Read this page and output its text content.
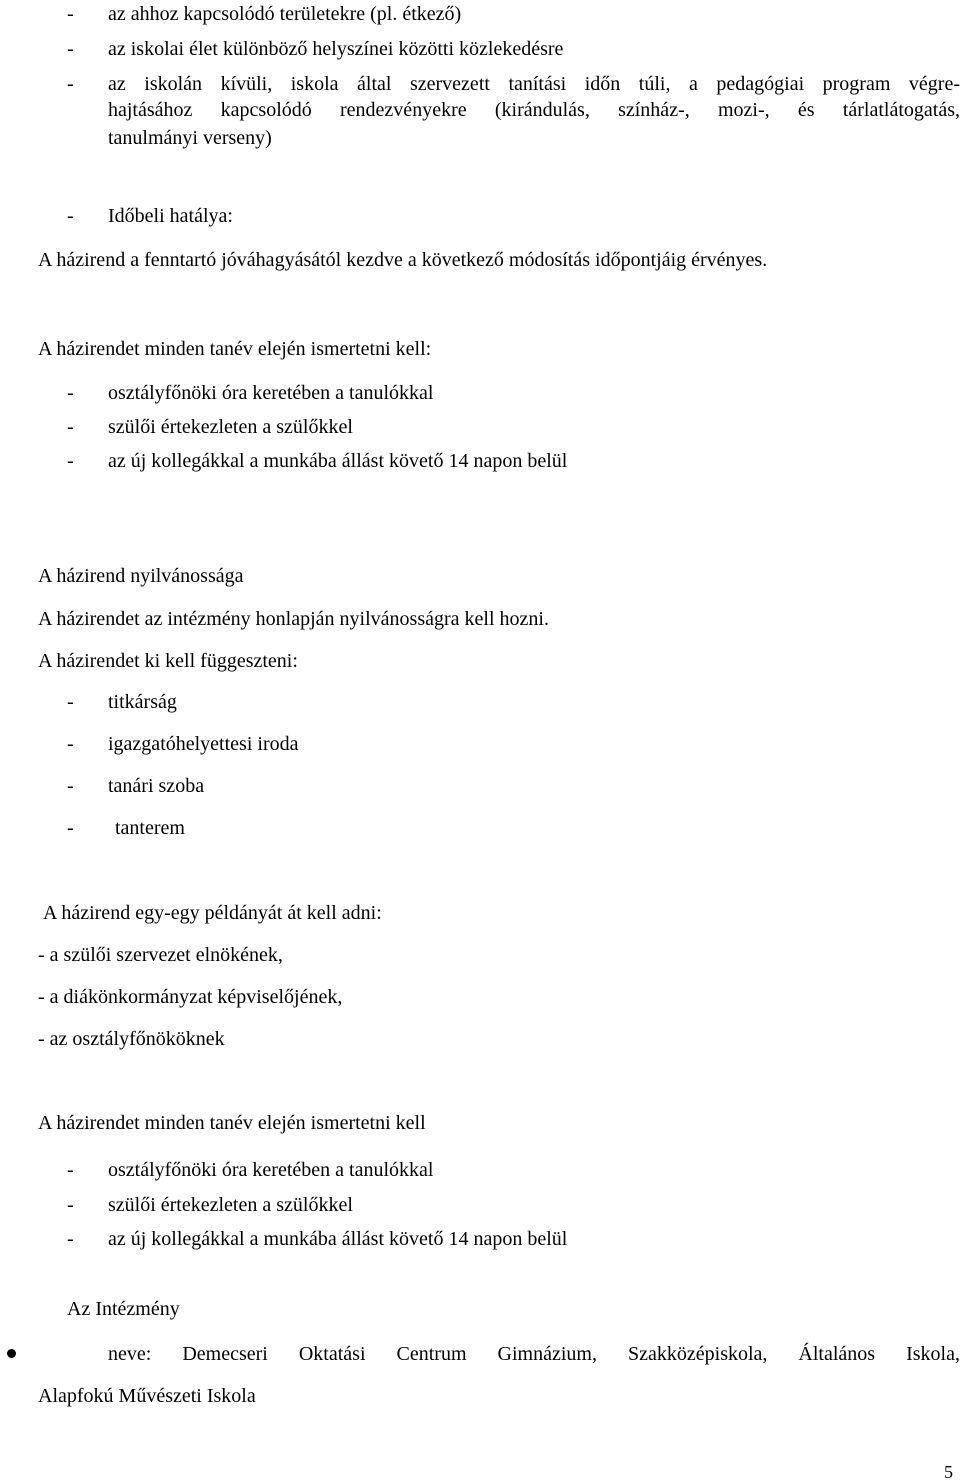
- az ahhoz kapcsolódó területekre (pl. étkező)
- az iskolai élet különböző helyszínei közötti közlekedésre
- az iskolán kívüli, iskola által szervezett tanítási időn túli, a pedagógiai program végre-
hajtásához kapcsolódó rendezvényekre (kirándulás, színház-, mozi-, és tárlatlátogatás,
tanulmányi verseny)
- Időbeli hatálya:
A házirend a fenntartó jóváhagyásától kezdve a következő módosítás időpontjáig érvényes.
A házirendet minden tanév elején ismertetni kell:
- osztályfőnöki óra keretében a tanulókkal
- szülői értekezleten a szülőkkel
- az új kollegákkal a munkába állást követő 14 napon belül
A házirend nyilvánossága
A házirendet az intézmény honlapján nyilvánosságra kell hozni.
A házirendet ki kell függeszteni:
- titkárság
- igazgatóhelyettesi iroda
- tanári szoba
- tanterem
A házirend egy-egy példányát át kell adni:
- a szülői szervezet elnökének,
- a diákönkormányzat képviselőjének,
- az osztályfőnököknek
A házirendet minden tanév elején ismertetni kell
- osztályfőnöki óra keretében a tanulókkal
- szülői értekezleten a szülőkkel
- az új kollegákkal a munkába állást követő 14 napon belül
Az Intézmény
neve: Demecseri Oktatási Centrum Gimnázium, Szakközépiskola, Általános Iskola,
Alapfokú Művészeti Iskola
5
